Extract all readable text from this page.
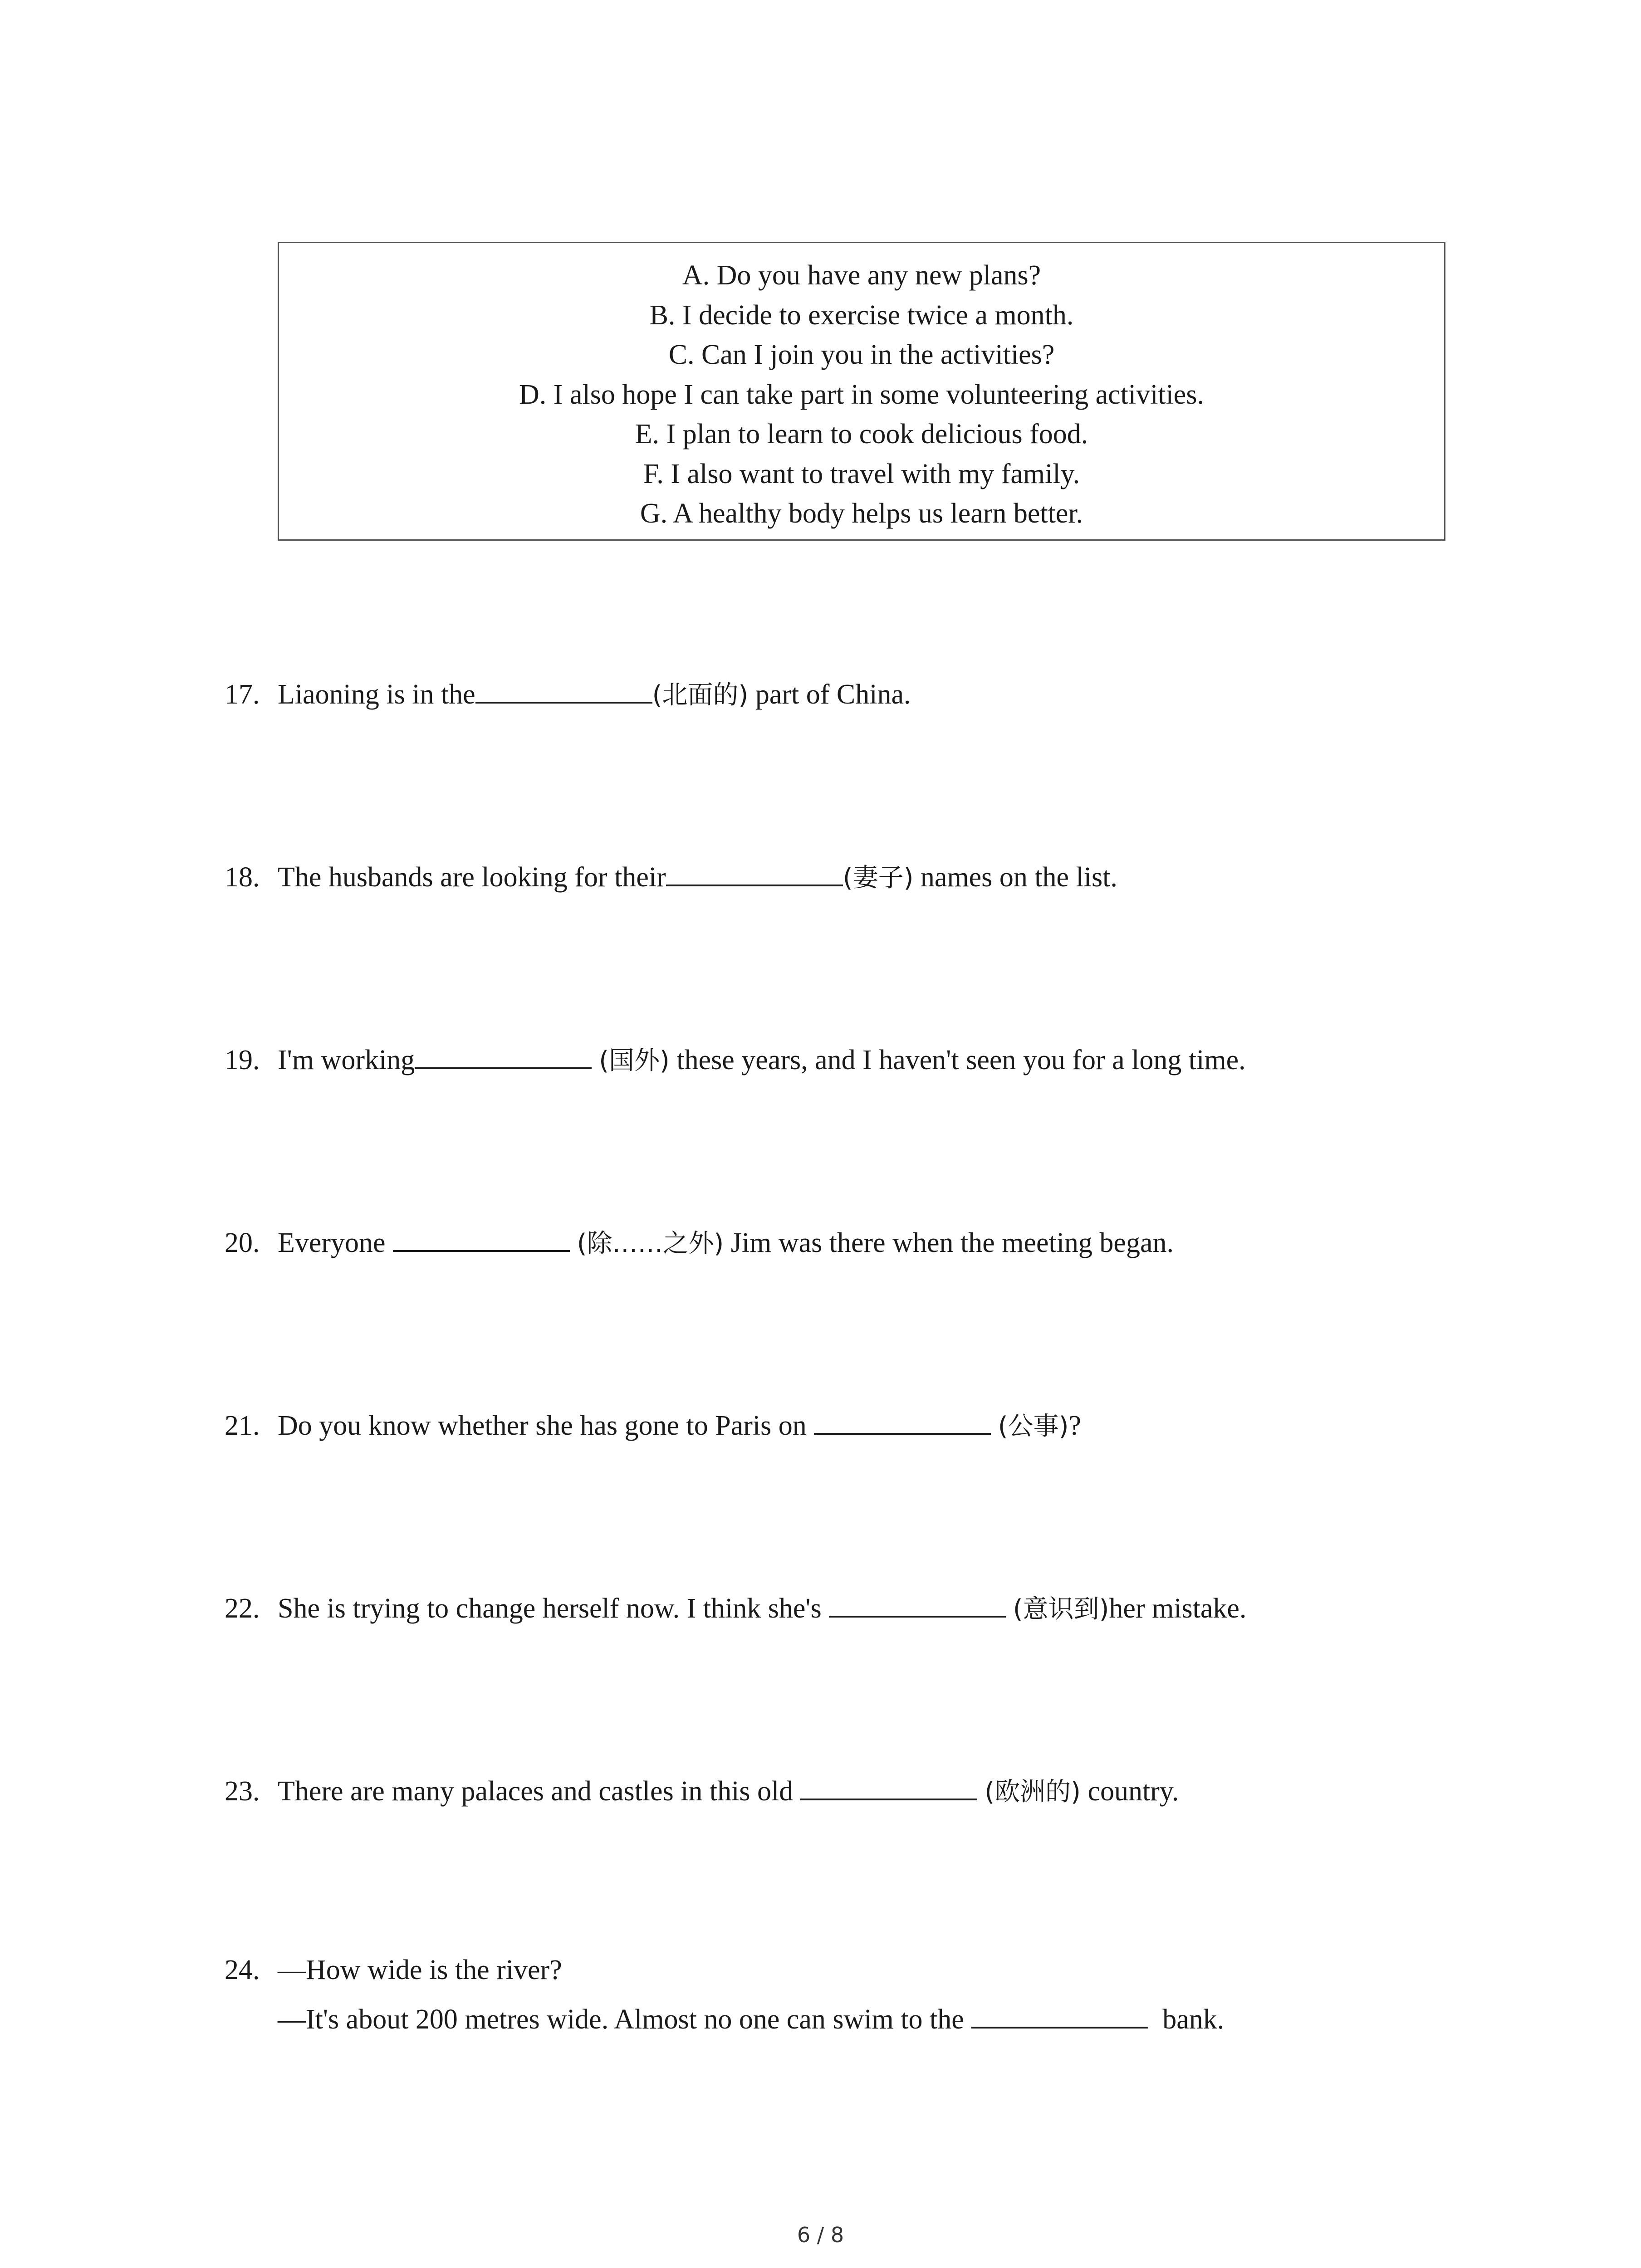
A. Do you have any new plans?
B. I decide to exercise twice a month.
C. Can I join you in the activities?
D. I also hope I can take part in some volunteering activities.
E. I plan to learn to cook delicious food.
F. I also want to travel with my family.
G. A healthy body helps us learn better.
17. Liaoning is in the	(北面的) part of China.
18. The husbands are looking for their	(妻子) names on the list.
19. I'm working	(国外) these years, and I haven't seen you for a long time.
20. Everyone	(除……之外) Jim was there when the meeting began.
21. Do you know whether she has gone to Paris on	(公事)?
22. She is trying to change herself now. I think she's	(意识到)her mistake.
23. There are many palaces and castles in this old	(欧洲的) country.
24. —How wide is the river?
—It's about 200 metres wide. Almost no one can swim to the	bank.
6 / 8
